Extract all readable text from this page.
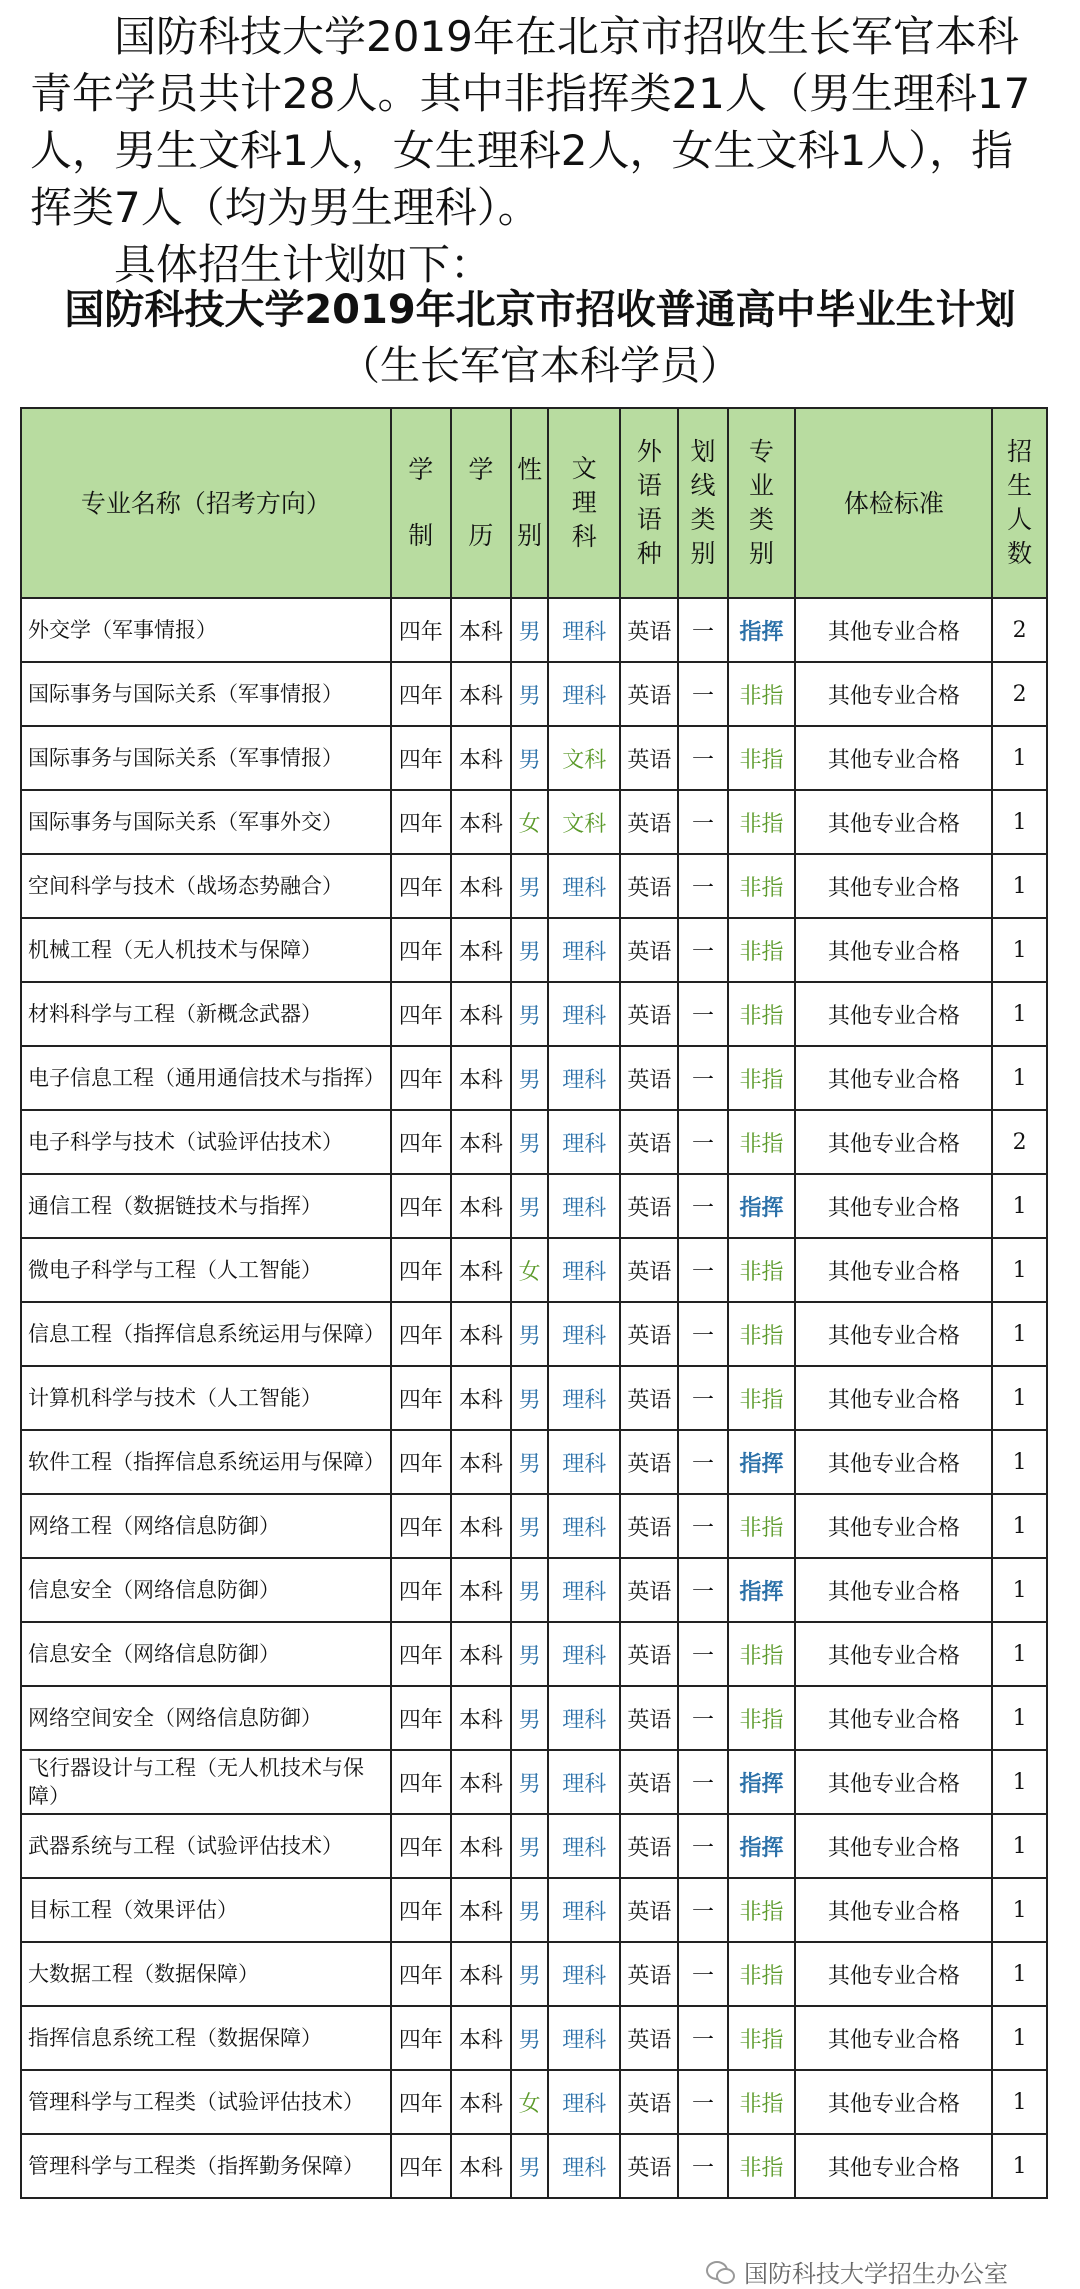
国防科技大学2019年在北京市招收生长军官本科青年学员共计28人。其中非指挥类21人（男生理科17人，男生文科1人，女生理科2人，女生文科1人），指挥类7人（均为男生理科）。

具体招生计划如下：

国防科技大学2019年北京市招收普通高中毕业生计划
（生长军官本科学员）
专业名称（招考方向）	学制	学历	性别	文理科	外语语种	划线类别	专业类别	体检标准	招生人数
外交学（军事情报）	四年	本科	男	理科	英语	一	指挥	其他专业合格	2
国际事务与国际关系（军事情报）	四年	本科	男	理科	英语	一	非指	其他专业合格	2
国际事务与国际关系（军事情报）	四年	本科	男	文科	英语	一	非指	其他专业合格	1
国际事务与国际关系（军事外交）	四年	本科	女	文科	英语	一	非指	其他专业合格	1
空间科学与技术（战场态势融合）	四年	本科	男	理科	英语	一	非指	其他专业合格	1
机械工程（无人机技术与保障）	四年	本科	男	理科	英语	一	非指	其他专业合格	1
材料科学与工程（新概念武器）	四年	本科	男	理科	英语	一	非指	其他专业合格	1
电子信息工程（通用通信技术与指挥）	四年	本科	男	理科	英语	一	非指	其他专业合格	1
电子科学与技术（试验评估技术）	四年	本科	男	理科	英语	一	非指	其他专业合格	2
通信工程（数据链技术与指挥）	四年	本科	男	理科	英语	一	指挥	其他专业合格	1
微电子科学与工程（人工智能）	四年	本科	女	理科	英语	一	非指	其他专业合格	1
信息工程（指挥信息系统运用与保障）	四年	本科	男	理科	英语	一	非指	其他专业合格	1
计算机科学与技术（人工智能）	四年	本科	男	理科	英语	一	非指	其他专业合格	1
软件工程（指挥信息系统运用与保障）	四年	本科	男	理科	英语	一	指挥	其他专业合格	1
网络工程（网络信息防御）	四年	本科	男	理科	英语	一	非指	其他专业合格	1
信息安全（网络信息防御）	四年	本科	男	理科	英语	一	指挥	其他专业合格	1
信息安全（网络信息防御）	四年	本科	男	理科	英语	一	非指	其他专业合格	1
网络空间安全（网络信息防御）	四年	本科	男	理科	英语	一	非指	其他专业合格	1
飞行器设计与工程（无人机技术与保障）	四年	本科	男	理科	英语	一	指挥	其他专业合格	1
武器系统与工程（试验评估技术）	四年	本科	男	理科	英语	一	指挥	其他专业合格	1
目标工程（效果评估）	四年	本科	男	理科	英语	一	非指	其他专业合格	1
大数据工程（数据保障）	四年	本科	男	理科	英语	一	非指	其他专业合格	1
指挥信息系统工程（数据保障）	四年	本科	男	理科	英语	一	非指	其他专业合格	1
管理科学与工程类（试验评估技术）	四年	本科	女	理科	英语	一	非指	其他专业合格	1
管理科学与工程类（指挥勤务保障）	四年	本科	男	理科	英语	一	非指	其他专业合格	1
国防科技大学招生办公室
